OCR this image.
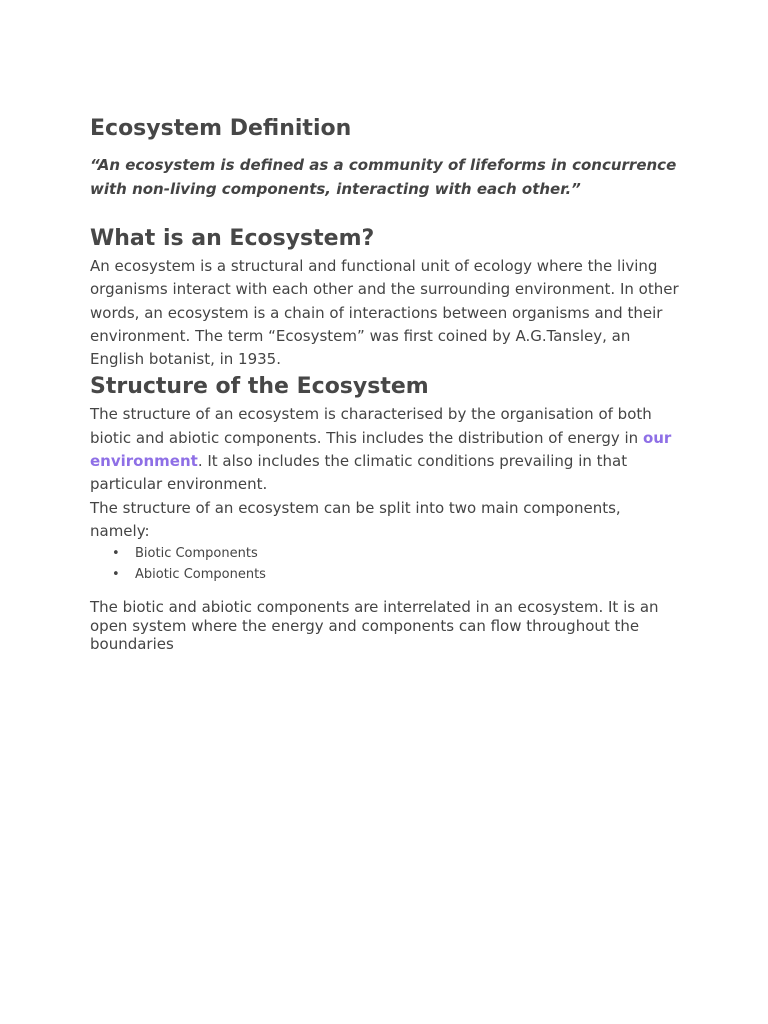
Ecosystem Definition

“An ecosystem is defined as a community of lifeforms in concurrence with non-living components, interacting with each other.”

What is an Ecosystem?

An ecosystem is a structural and functional unit of ecology where the living organisms interact with each other and the surrounding environment. In other words, an ecosystem is a chain of interactions between organisms and their environment. The term “Ecosystem” was first coined by A.G.Tansley, an English botanist, in 1935.

Structure of the Ecosystem

The structure of an ecosystem is characterised by the organisation of both biotic and abiotic components. This includes the distribution of energy in our environment. It also includes the climatic conditions prevailing in that particular environment.

The structure of an ecosystem can be split into two main components, namely:

• Biotic Components
• Abiotic Components

The biotic and abiotic components are interrelated in an ecosystem. It is an open system where the energy and components can flow throughout the boundaries
